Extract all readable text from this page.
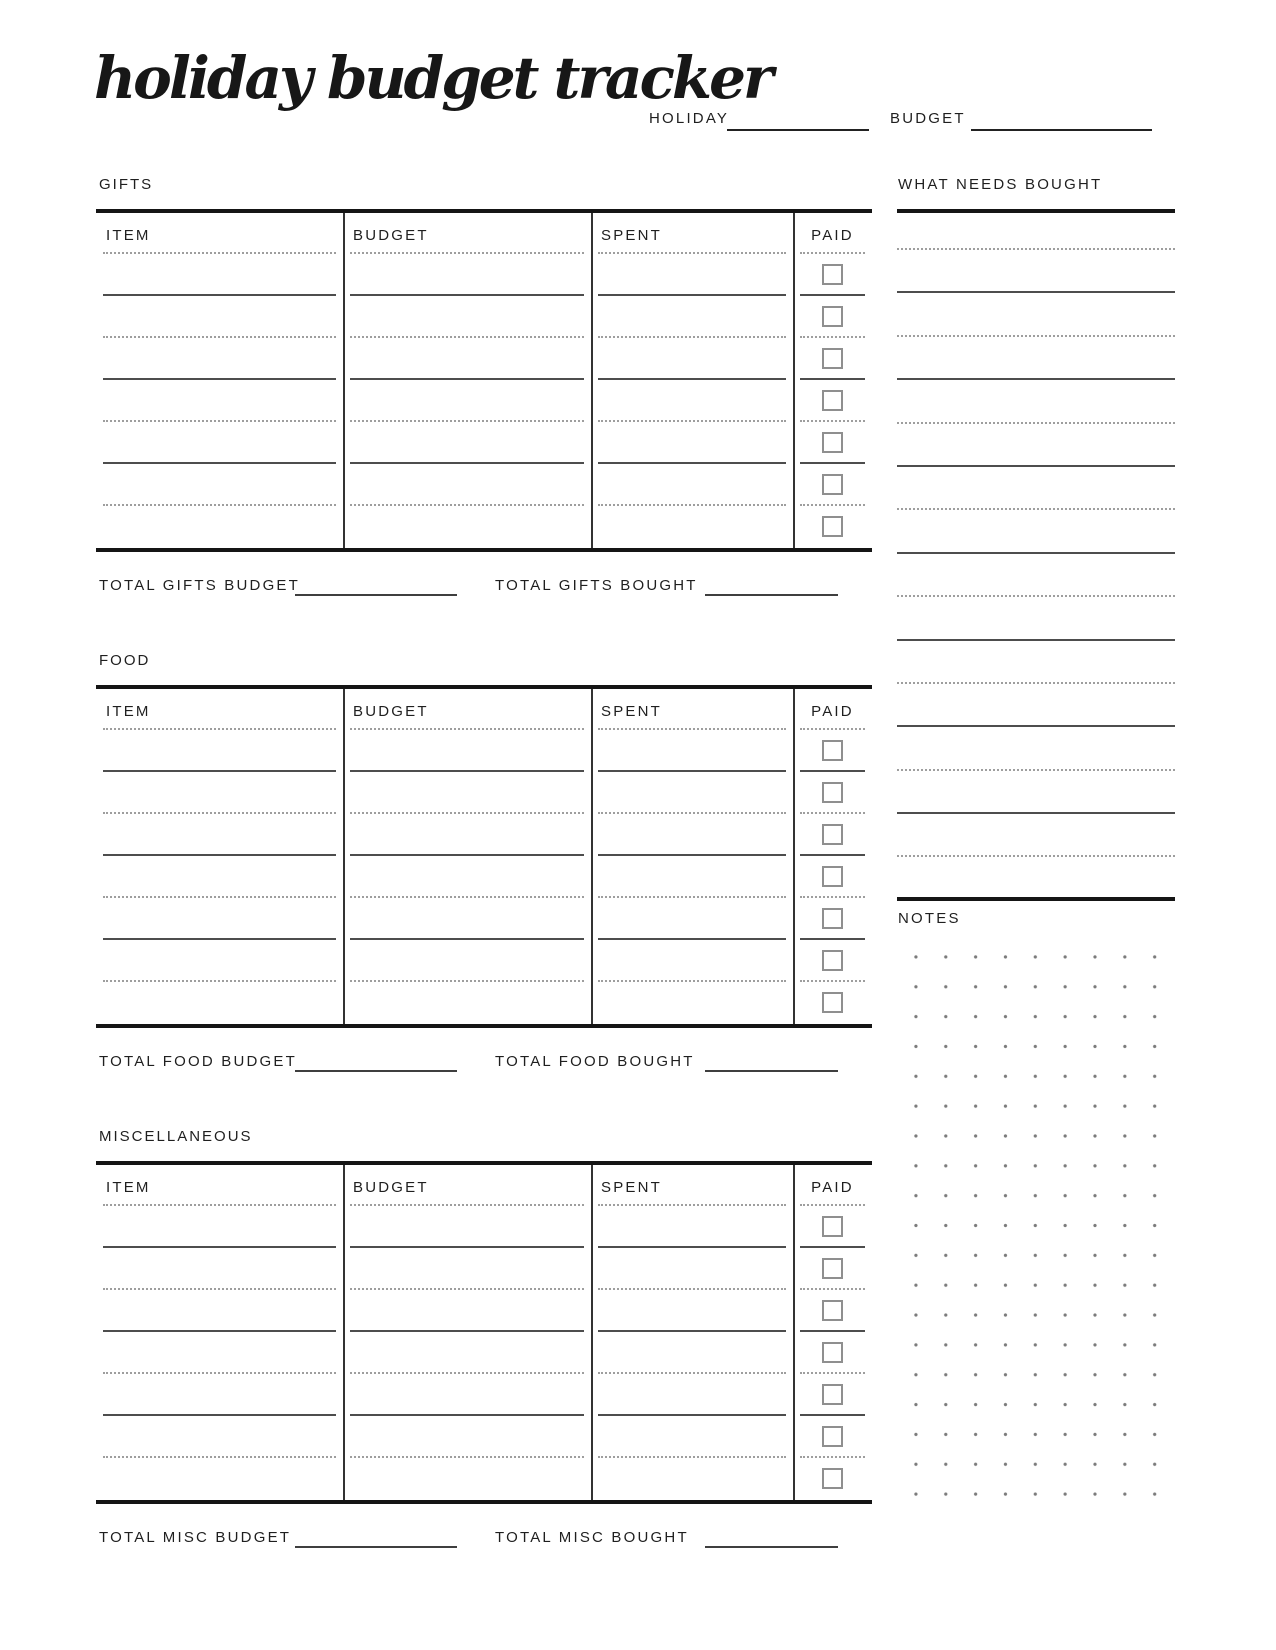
holiday budget tracker
HOLIDAY	BUDGET
GIFTS
ITEM	BUDGET	SPENT	PAID
TOTAL GIFTS BUDGET	TOTAL GIFTS BOUGHT
FOOD
ITEM	BUDGET	SPENT	PAID
TOTAL FOOD BUDGET	TOTAL FOOD BOUGHT
MISCELLANEOUS
ITEM	BUDGET	SPENT	PAID
TOTAL MISC BUDGET	TOTAL MISC BOUGHT
WHAT NEEDS BOUGHT
NOTES
